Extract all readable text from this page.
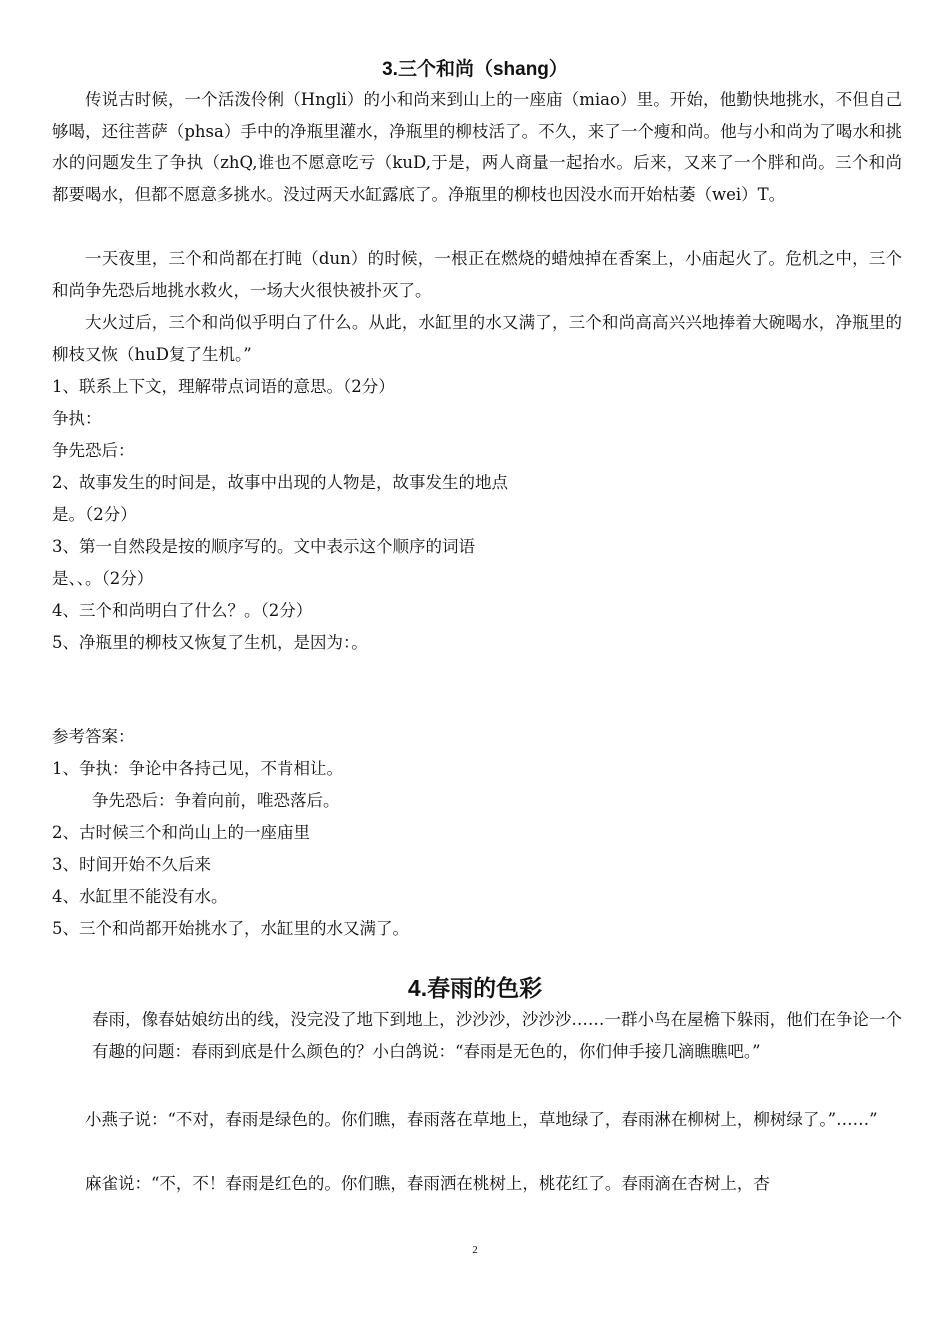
3.三个和尚（shang）

传说古时候，一个活泼伶俐（Hngli）的小和尚来到山上的一座庙（miao）里。开始，他勤快地挑水，不但自己够喝，还往菩萨（phsa）手中的净瓶里灌水，净瓶里的柳枝活了。不久，来了一个瘦和尚。他与小和尚为了喝水和挑水的问题发生了争执（zhQ,谁也不愿意吃亏（kuD,于是，两人商量一起抬水。后来，又来了一个胖和尚。三个和尚都要喝水，但都不愿意多挑水。没过两天水缸露底了。净瓶里的柳枝也因没水而开始枯萎（wei）T。

一天夜里，三个和尚都在打盹（dun）的时候，一根正在燃烧的蜡烛掉在香案上，小庙起火了。危机之中，三个和尚争先恐后地挑水救火，一场大火很快被扑灭了。

大火过后，三个和尚似乎明白了什么。从此，水缸里的水又满了，三个和尚高高兴兴地捧着大碗喝水，净瓶里的柳枝又恢（huD复了生机。”

1、联系上下文，理解带点词语的意思。（2分）

争执：

争先恐后：

2、故事发生的时间是，故事中出现的人物是，故事发生的地点

是。（2分）

3、第一自然段是按的顺序写的。文中表示这个顺序的词语

是、、。（2分）

4、三个和尚明白了什么？。（2分）

5、净瓶里的柳枝又恢复了生机，是因为：。

参考答案：

1、争执：争论中各持己见，不肯相让。

争先恐后：争着向前，唯恐落后。

2、古时候三个和尚山上的一座庙里

3、时间开始不久后来

4、水缸里不能没有水。

5、三个和尚都开始挑水了，水缸里的水又满了。

4.春雨的色彩

春雨，像春姑娘纺出的线，没完没了地下到地上，沙沙沙，沙沙沙……一群小鸟在屋檐下躲雨，他们在争论一个有趣的问题：春雨到底是什么颜色的？小白鸽说：“春雨是无色的，你们伸手接几滴瞧瞧吧。”

小燕子说：“不对，春雨是绿色的。你们瞧，春雨落在草地上，草地绿了，春雨淋在柳树上，柳树绿了。”……”

麻雀说：“不，不！春雨是红色的。你们瞧，春雨洒在桃树上，桃花红了。春雨滴在杏树上，杏

2
